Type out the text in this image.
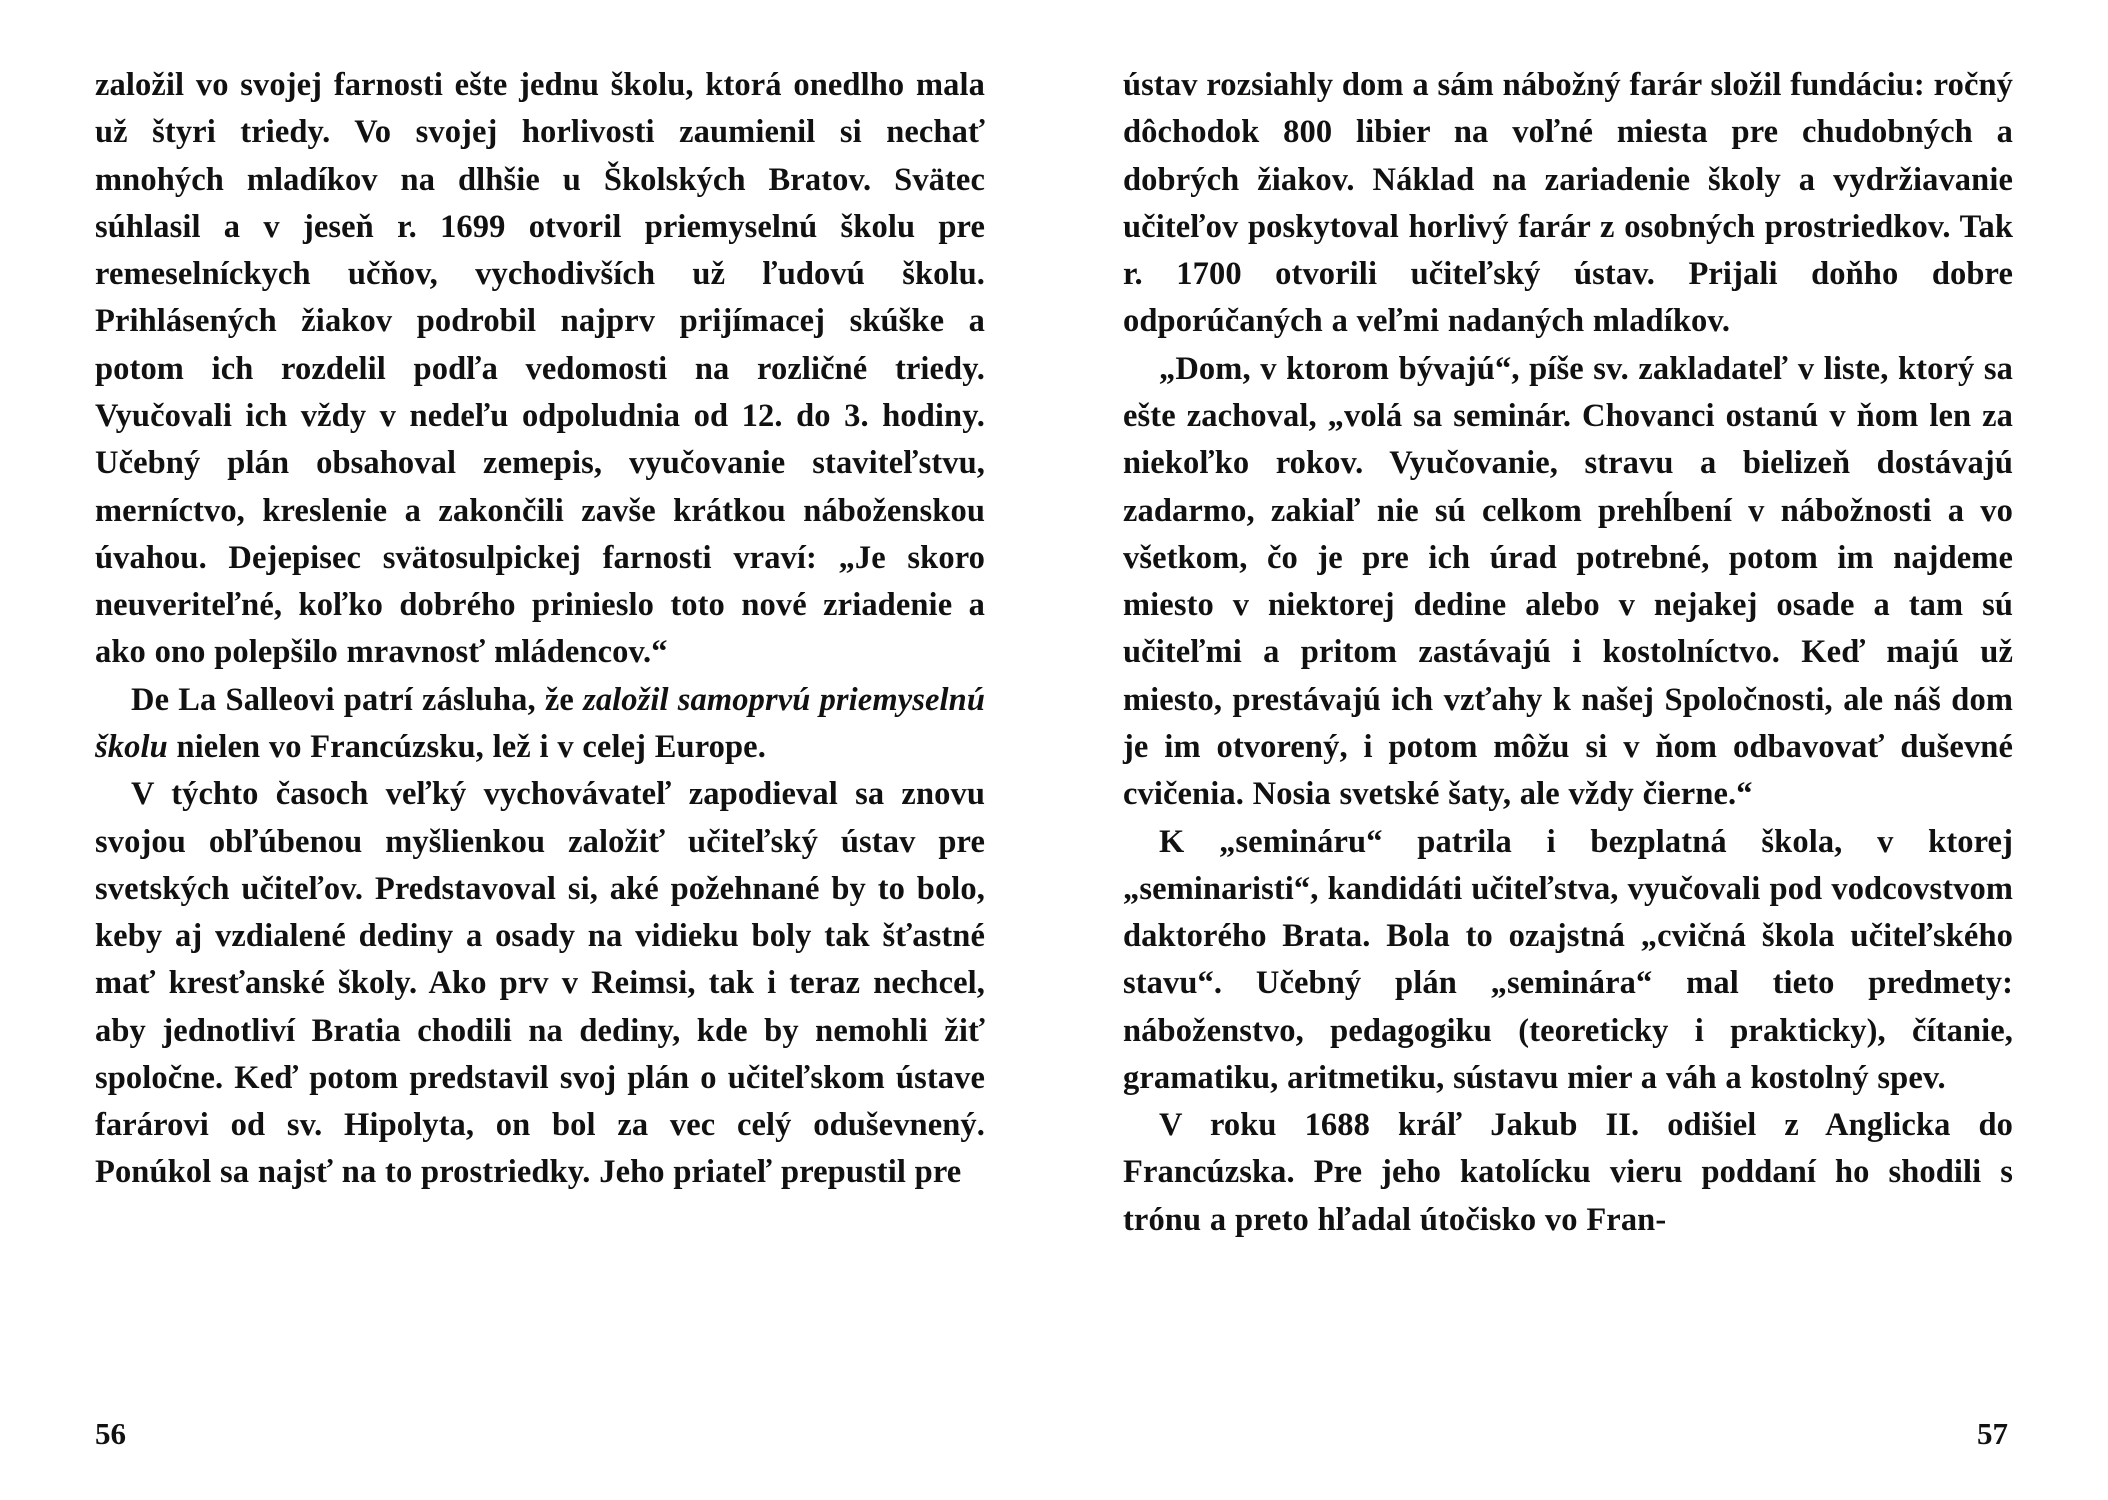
založil vo svojej farnosti ešte jednu školu, ktorá onedlho mala už štyri triedy. Vo svojej horlivosti zaumienil si nechať mnohých mladíkov na dlhšie u Školských Bratov. Svätec súhlasil a v jeseň r. 1699 otvoril priemyselnú školu pre remeselníckych učňov, vychodivších už ľudovú školu. Prihlásených žiakov podrobil najprv prijímacej skúške a potom ich rozdelil podľa vedomosti na rozličné triedy. Vyučovali ich vždy v nedeľu odpoludnia od 12. do 3. hodiny. Učebný plán obsahoval zemepis, vyučovanie staviteľstvu, merníctvo, kreslenie a zakončili zavše krátkou náboženskou úvahou. Dejepisec svätosulpickej farnosti vraví: „Je skoro neuveriteľné, koľko dobrého prinieslo toto nové zriadenie a ako ono polepšilo mravnosť mládencov.“

De La Salleovi patrí zásluha, že založil samoprvú priemyselnú školu nielen vo Francúzsku, lež i v celej Europe.

V týchto časoch veľký vychovávateľ zapodieval sa znovu svojou obľúbenou myšlienkou založiť učiteľský ústav pre svetských učiteľov. Predstavoval si, aké požehnané by to bolo, keby aj vzdialené dediny a osady na vidieku boly tak šťastné mať kresťanské školy. Ako prv v Reimsi, tak i teraz nechcel, aby jednotliví Bratia chodili na dediny, kde by nemohli žiť spoločne. Keď potom predstavil svoj plán o učiteľskom ústave farárovi od sv. Hipolyta, on bol za vec celý oduševnený. Ponúkol sa najsť na to prostriedky. Jeho priateľ prepustil pre

ústav rozsiahly dom a sám nábožný farár složil fundáciu: ročný dôchodok 800 libier na voľné miesta pre chudobných a dobrých žiakov. Náklad na zariadenie školy a vydržiavanie učiteľov poskytoval horlivý farár z osobných prostriedkov. Tak r. 1700 otvorili učiteľský ústav. Prijali doňho dobre odporúčaných a veľmi nadaných mladíkov.

„Dom, v ktorom bývajú“, píše sv. zakladateľ v liste, ktorý sa ešte zachoval, „volá sa seminár. Chovanci ostanú v ňom len za niekoľko rokov. Vyučovanie, stravu a bielizeň dostávajú zadarmo, zakiaľ nie sú celkom prehĺbení v nábožnosti a vo všetkom, čo je pre ich úrad potrebné, potom im najdeme miesto v niektorej dedine alebo v nejakej osade a tam sú učiteľmi a pritom zastávajú i kostolníctvo. Keď majú už miesto, prestávajú ich vzťahy k našej Spoločnosti, ale náš dom je im otvorený, i potom môžu si v ňom odbavovať duševné cvičenia. Nosia svetské šaty, ale vždy čierne.“

K „semináru“ patrila i bezplatná škola, v ktorej „seminaristi“, kandidáti učiteľstva, vyučovali pod vodcovstvom daktorého Brata. Bola to ozajstná „cvičná škola učiteľského stavu“. Učebný plán „seminára“ mal tieto predmety: náboženstvo, pedagogiku (teoreticky i prakticky), čítanie, gramatiku, aritmetiku, sústavu mier a váh a kostolný spev.

V roku 1688 kráľ Jakub II. odišiel z Anglicka do Francúzska. Pre jeho katolícku vieru poddaní ho shodili s trónu a preto hľadal útočisko vo Fran-

56	57
